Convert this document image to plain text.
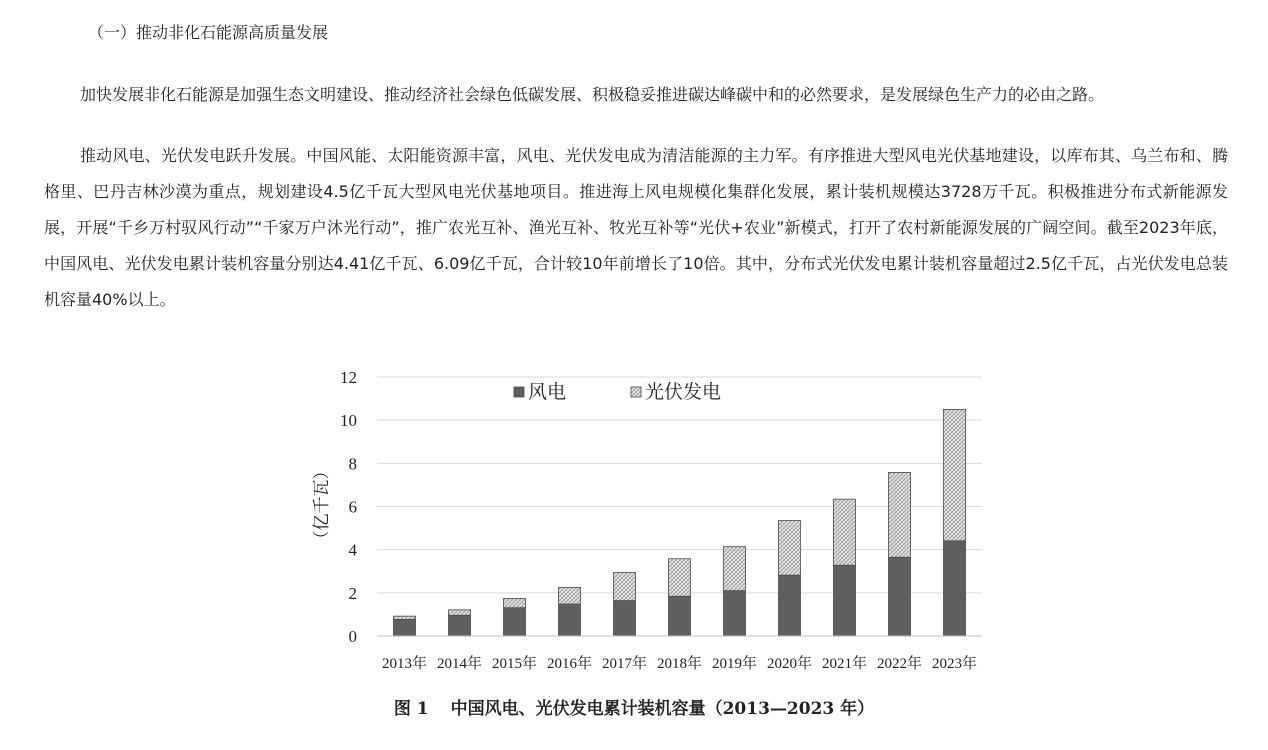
（一）推动非化石能源高质量发展

加快发展非化石能源是加强生态文明建设、推动经济社会绿色低碳发展、积极稳妥推进碳达峰碳中和的必然要求，是发展绿色生产力的必由之路。

推动风电、光伏发电跃升发展。中国风能、太阳能资源丰富，风电、光伏发电成为清洁能源的主力军。有序推进大型风电光伏基地建设，以库布其、乌兰布和、腾格里、巴丹吉林沙漠为重点，规划建设4.5亿千瓦大型风电光伏基地项目。推进海上风电规模化集群化发展，累计装机规模达3728万千瓦。积极推进分布式新能源发展，开展“千乡万村驭风行动”“千家万户沐光行动”，推广农光互补、渔光互补、牧光互补等“光伏+农业”新模式，打开了农村新能源发展的广阔空间。截至2023年底，中国风电、光伏发电累计装机容量分别达4.41亿千瓦、6.09亿千瓦，合计较10年前增长了10倍。其中，分布式光伏发电累计装机容量超过2.5亿千瓦，占光伏发电总装机容量40%以上。

0
2
4
6
8
10
12
2013年 2014年 2015年 2016年 2017年 2018年 2019年 2020年 2021年 2022年 2023年
风电	光伏发电
（亿千瓦）
图 1 中国风电、光伏发电累计装机容量（2013—2023 年）
